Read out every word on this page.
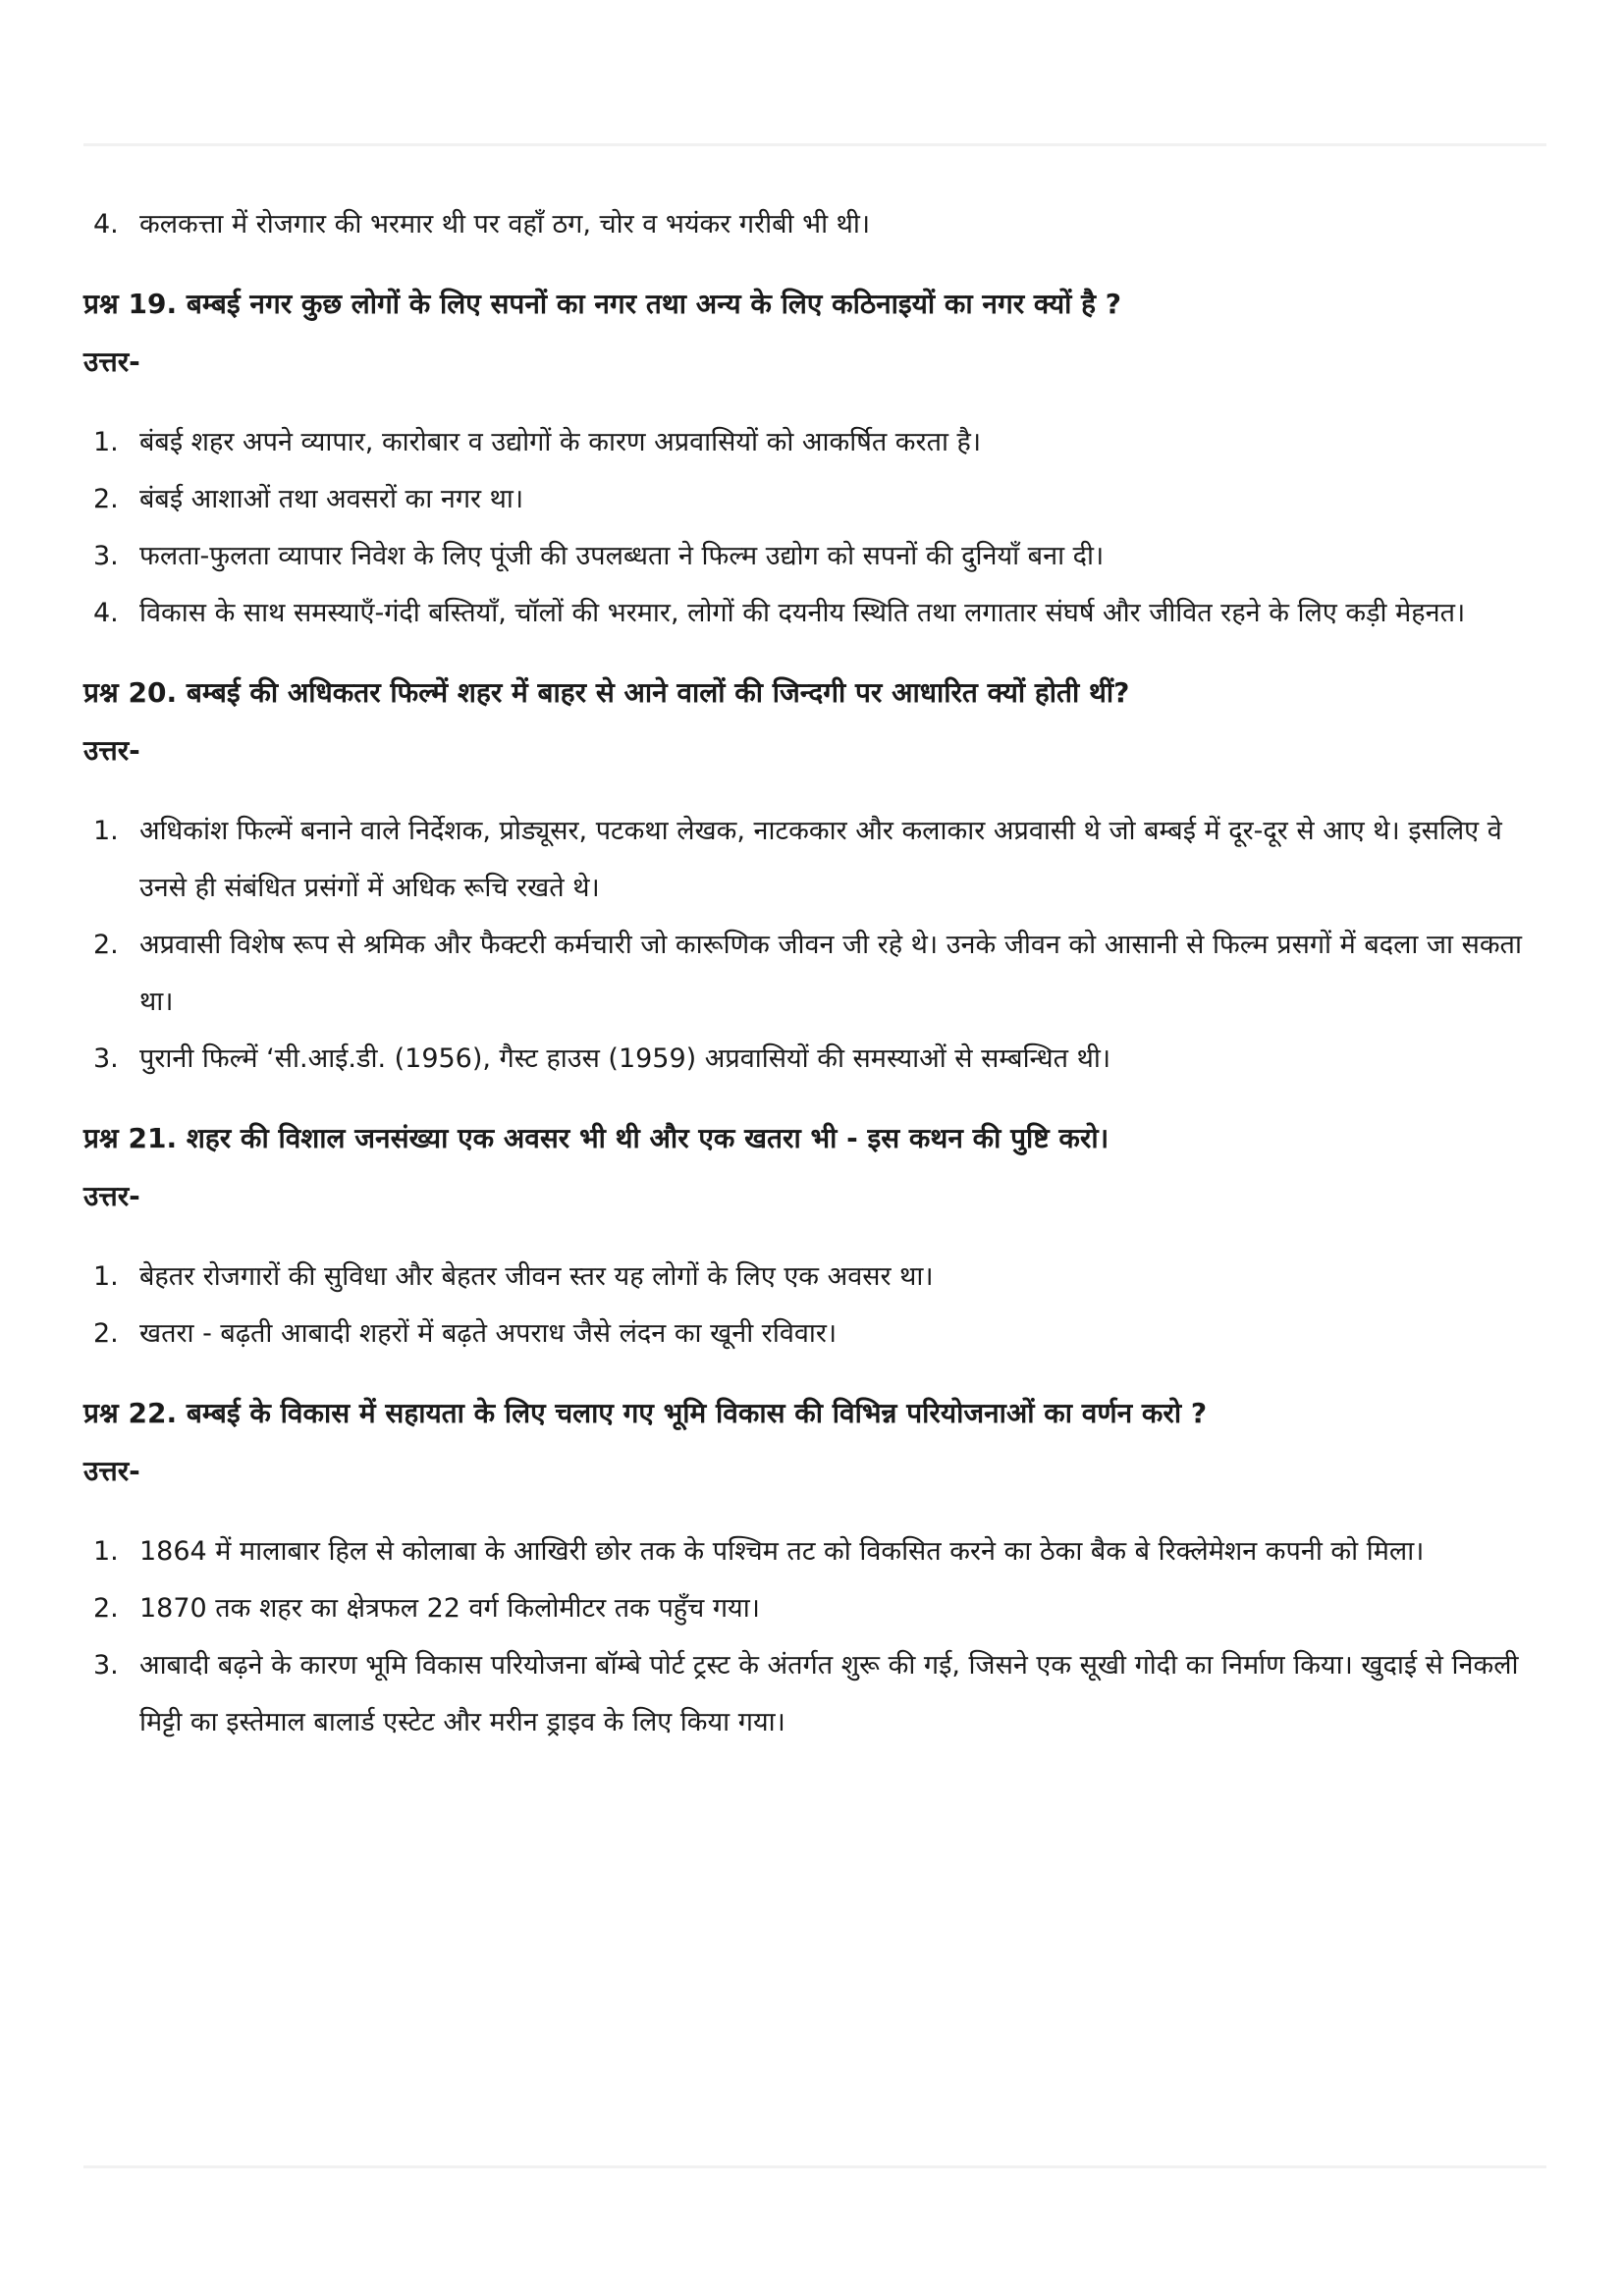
4. कलकत्ता में रोजगार की भरमार थी पर वहाँ ठग, चोर व भयंकर गरीबी भी थी।

प्रश्न 19. बम्बई नगर कुछ लोगों के लिए सपनों का नगर तथा अन्य के लिए कठिनाइयों का नगर क्यों है ?

उत्तर-

1. बंबई शहर अपने व्यापार, कारोबार व उद्योगों के कारण अप्रवासियों को आकर्षित करता है।
2. बंबई आशाओं तथा अवसरों का नगर था।
3. फलता-फुलता व्यापार निवेश के लिए पूंजी की उपलब्धता ने फिल्म उद्योग को सपनों की दुनियाँ बना दी।
4. विकास के साथ समस्याएँ-गंदी बस्तियाँ, चॉलों की भरमार, लोगों की दयनीय स्थिति तथा लगातार संघर्ष और जीवित रहने के लिए कड़ी मेहनत।

प्रश्न 20. बम्बई की अधिकतर फिल्में शहर में बाहर से आने वालों की जिन्दगी पर आधारित क्यों होती थीं?

उत्तर-

1. अधिकांश फिल्में बनाने वाले निर्देशक, प्रोड्यूसर, पटकथा लेखक, नाटककार और कलाकार अप्रवासी थे जो बम्बई में दूर-दूर से आए थे। इसलिए वे उनसे ही संबंधित प्रसंगों में अधिक रूचि रखते थे।
2. अप्रवासी विशेष रूप से श्रमिक और फैक्टरी कर्मचारी जो कारूणिक जीवन जी रहे थे। उनके जीवन को आसानी से फिल्म प्रसगों में बदला जा सकता था।
3. पुरानी फिल्में ‘सी.आई.डी. (1956), गैस्ट हाउस (1959) अप्रवासियों की समस्याओं से सम्बन्धित थी।

प्रश्न 21. शहर की विशाल जनसंख्या एक अवसर भी थी और एक खतरा भी - इस कथन की पुष्टि करो।

उत्तर-

1. बेहतर रोजगारों की सुविधा और बेहतर जीवन स्तर यह लोगों के लिए एक अवसर था।
2. खतरा - बढ़ती आबादी शहरों में बढ़ते अपराध जैसे लंदन का खूनी रविवार।

प्रश्न 22. बम्बई के विकास में सहायता के लिए चलाए गए भूमि विकास की विभिन्न परियोजनाओं का वर्णन करो ?

उत्तर-

1. 1864 में मालाबार हिल से कोलाबा के आखिरी छोर तक के पश्चिम तट को विकसित करने का ठेका बैक बे रिक्लेमेशन कपनी को मिला।
2. 1870 तक शहर का क्षेत्रफल 22 वर्ग किलोमीटर तक पहुँच गया।
3. आबादी बढ़ने के कारण भूमि विकास परियोजना बॉम्बे पोर्ट ट्रस्ट के अंतर्गत शुरू की गई, जिसने एक सूखी गोदी का निर्माण किया। खुदाई से निकली मिट्टी का इस्तेमाल बालार्ड एस्टेट और मरीन ड्राइव के लिए किया गया।
